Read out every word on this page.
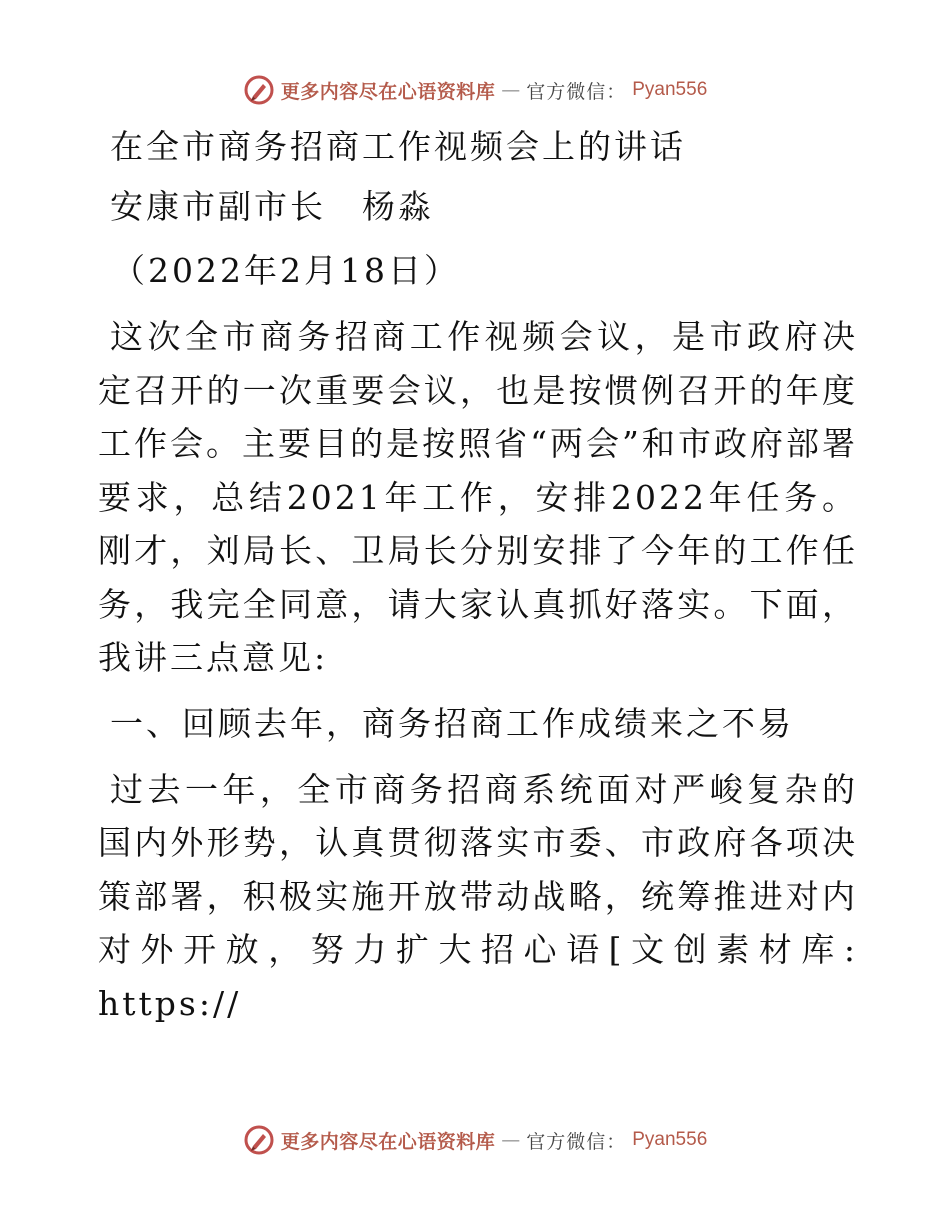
更多内容尽在心语资料库 — 官方微信： Pyan556

在全市商务招商工作视频会上的讲话

安康市副市长　杨淼

（2022年2月18日）

这次全市商务招商工作视频会议，是市政府决定召开的一次重要会议，也是按惯例召开的年度工作会。主要目的是按照省“两会”和市政府部署要求，总结2021年工作，安排2022年任务。刚才，刘局长、卫局长分别安排了今年的工作任务，我完全同意，请大家认真抓好落实。下面，我讲三点意见:

一、回顾去年，商务招商工作成绩来之不易

过去一年，全市商务招商系统面对严峻复杂的国内外形势，认真贯彻落实市委、市政府各项决策部署，积极实施开放带动战略，统筹推进对内对外开放，努力扩大招心语[文创素材库: https://

更多内容尽在心语资料库 — 官方微信： Pyan556
